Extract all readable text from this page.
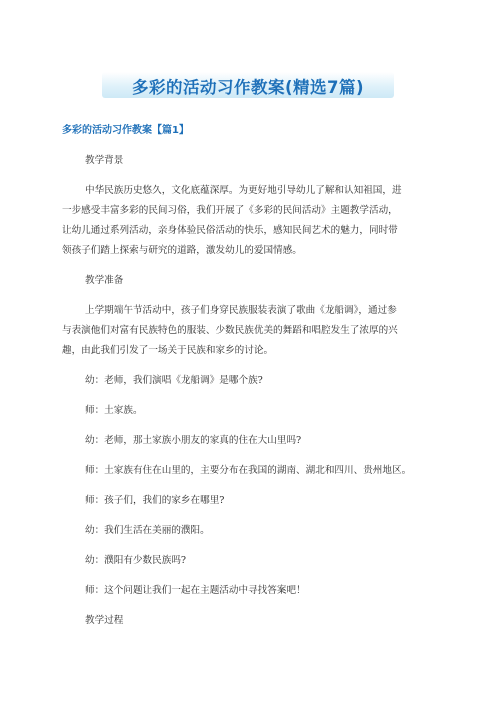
多彩的活动习作教案(精选7篇)
多彩的活动习作教案【篇1】
教学背景
中华民族历史悠久，文化底蕴深厚。为更好地引导幼儿了解和认知祖国，进
一步感受丰富多彩的民间习俗，我们开展了《多彩的民间活动》主题教学活动，
让幼儿通过系列活动，亲身体验民俗活动的快乐，感知民间艺术的魅力，同时带
领孩子们踏上探索与研究的道路，激发幼儿的爱国情感。
教学准备
上学期端午节活动中，孩子们身穿民族服装表演了歌曲《龙船调》，通过参
与表演他们对富有民族特色的服装、少数民族优美的舞蹈和唱腔发生了浓厚的兴
趣，由此我们引发了一场关于民族和家乡的讨论。
幼：老师，我们演唱《龙船调》是哪个族?
师：土家族。
幼：老师，那土家族小朋友的家真的住在大山里吗?
师：土家族有住在山里的，主要分布在我国的湖南、湖北和四川、贵州地区。
师：孩子们，我们的家乡在哪里?
幼：我们生活在美丽的濮阳。
幼：濮阳有少数民族吗?
师：这个问题让我们一起在主题活动中寻找答案吧！
教学过程
